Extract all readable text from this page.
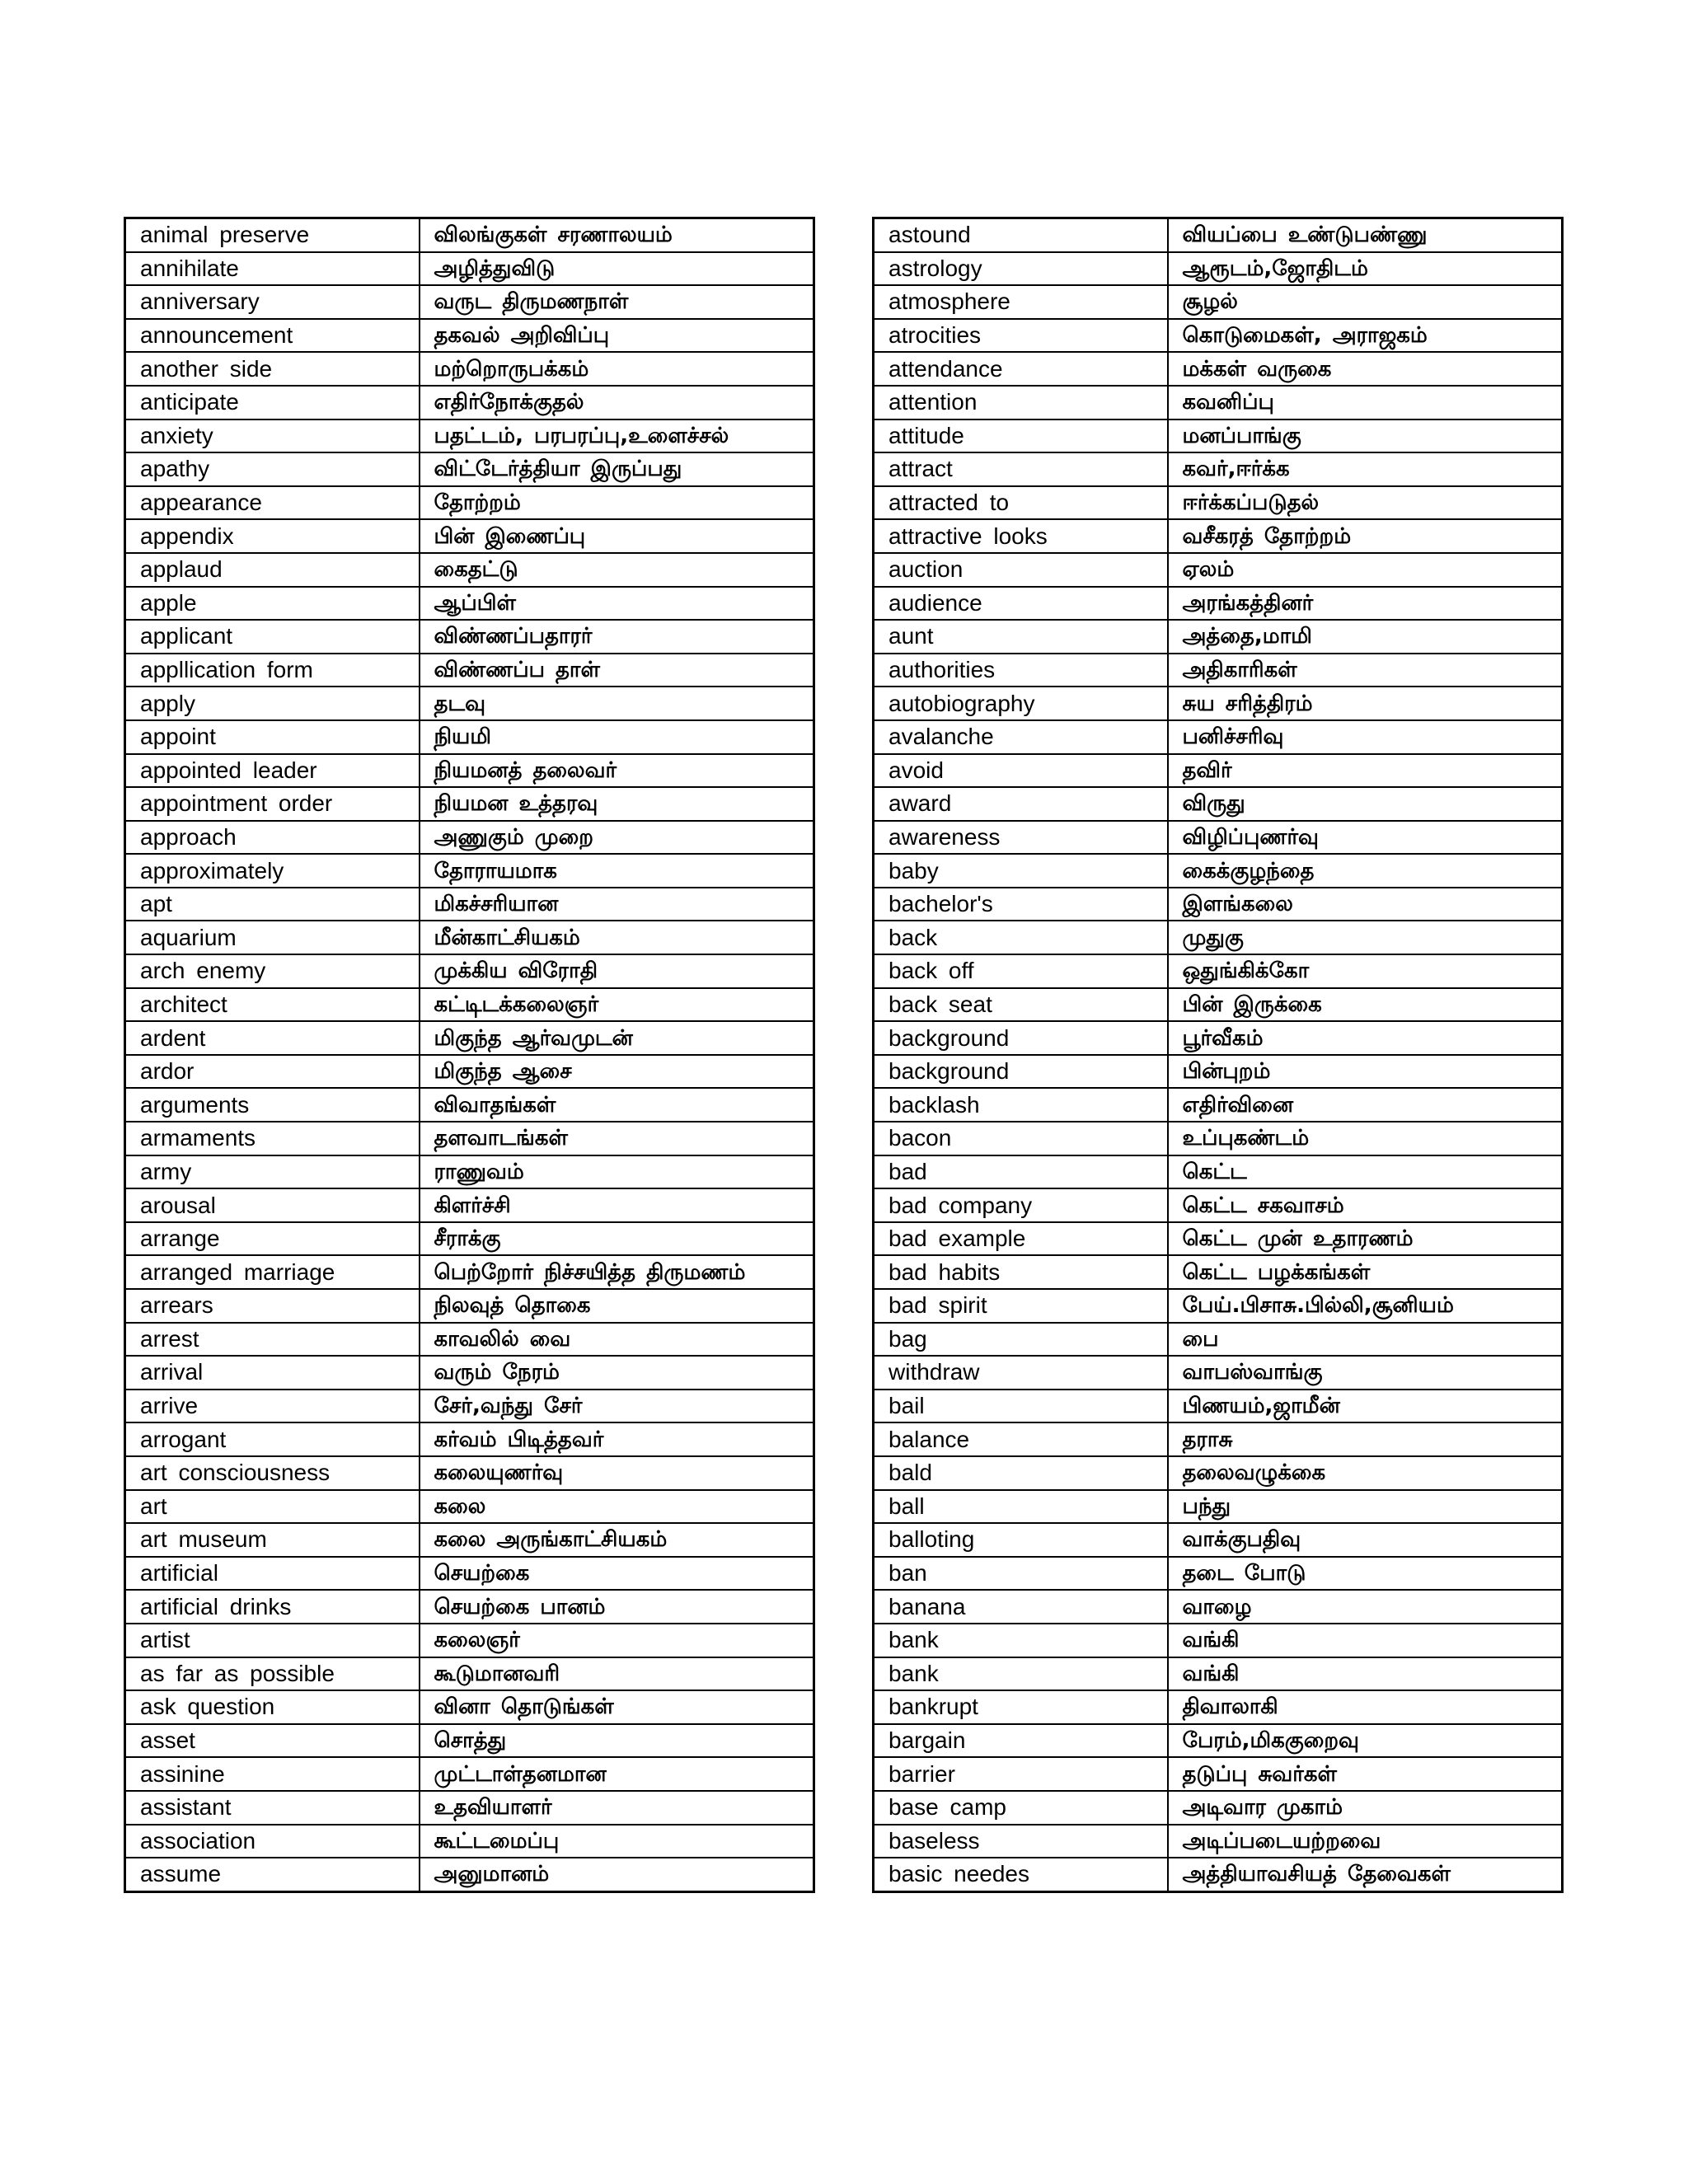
animal preserve	விலங்குகள் சரணாலயம்
annihilate	அழித்துவிடு
anniversary	வருட திருமணநாள்
announcement	தகவல் அறிவிப்பு
another side	மற்றொருபக்கம்
anticipate	எதிர்நோக்குதல்
anxiety	பதட்டம், பரபரப்பு,உளைச்சல்
apathy	விட்டேர்த்தியா இருப்பது
appearance	தோற்றம்
appendix	பின் இணைப்பு
applaud	கைதட்டு
apple	ஆப்பிள்
applicant	விண்ணப்பதாரர்
appllication form	விண்ணப்ப தாள்
apply	தடவு
appoint	நியமி
appointed leader	நியமனத் தலைவர்
appointment order	நியமன உத்தரவு
approach	அணுகும் முறை
approximately	தோராயமாக
apt	மிகச்சரியான
aquarium	மீன்காட்சியகம்
arch enemy	முக்கிய விரோதி
architect	கட்டிடக்கலைஞர்
ardent	மிகுந்த ஆர்வமுடன்
ardor	மிகுந்த ஆசை
arguments	விவாதங்கள்
armaments	தளவாடங்கள்
army	ராணுவம்
arousal	கிளர்ச்சி
arrange	சீராக்கு
arranged marriage	பெற்றோர் நிச்சயித்த திருமணம்
arrears	நிலவுத் தொகை
arrest	காவலில் வை
arrival	வரும் நேரம்
arrive	சேர்,வந்து சேர்
arrogant	கர்வம் பிடித்தவர்
art consciousness	கலையுணர்வு
art	கலை
art museum	கலை அருங்காட்சியகம்
artificial	செயற்கை
artificial drinks	செயற்கை பானம்
artist	கலைஞர்
as far as possible	கூடுமானவரி
ask question	வினா தொடுங்கள்
asset	சொத்து
assinine	முட்டாள்தனமான
assistant	உதவியாளர்
association	கூட்டமைப்பு
assume	அனுமானம்
astound	வியப்பை உண்டுபண்ணு
astrology	ஆரூடம்,ஜோதிடம்
atmosphere	சூழல்
atrocities	கொடுமைகள், அராஜகம்
attendance	மக்கள் வருகை
attention	கவனிப்பு
attitude	மனப்பாங்கு
attract	கவர்,ஈர்க்க
attracted to	ஈர்க்கப்படுதல்
attractive looks	வசீகரத் தோற்றம்
auction	ஏலம்
audience	அரங்கத்தினர்
aunt	அத்தை,மாமி
authorities	அதிகாரிகள்
autobiography	சுய சரித்திரம்
avalanche	பனிச்சரிவு
avoid	தவிர்
award	விருது
awareness	விழிப்புணர்வு
baby	கைக்குழந்தை
bachelor's	இளங்கலை
back	முதுகு
back off	ஒதுங்கிக்கோ
back seat	பின் இருக்கை
background	பூர்வீகம்
background	பின்புறம்
backlash	எதிர்வினை
bacon	உப்புகண்டம்
bad	கெட்ட
bad company	கெட்ட சகவாசம்
bad example	கெட்ட முன் உதாரணம்
bad habits	கெட்ட பழக்கங்கள்
bad spirit	பேய்.பிசாசு.பில்லி,சூனியம்
bag	பை
withdraw	வாபஸ்வாங்கு
bail	பிணயம்,ஜாமீன்
balance	தராசு
bald	தலைவழுக்கை
ball	பந்து
balloting	வாக்குபதிவு
ban	தடை போடு
banana	வாழை
bank	வங்கி
bank	வங்கி
bankrupt	திவாலாகி
bargain	பேரம்,மிககுறைவு
barrier	தடுப்பு சுவர்கள்
base camp	அடிவார முகாம்
baseless	அடிப்படையற்றவை
basic needes	அத்தியாவசியத் தேவைகள்
